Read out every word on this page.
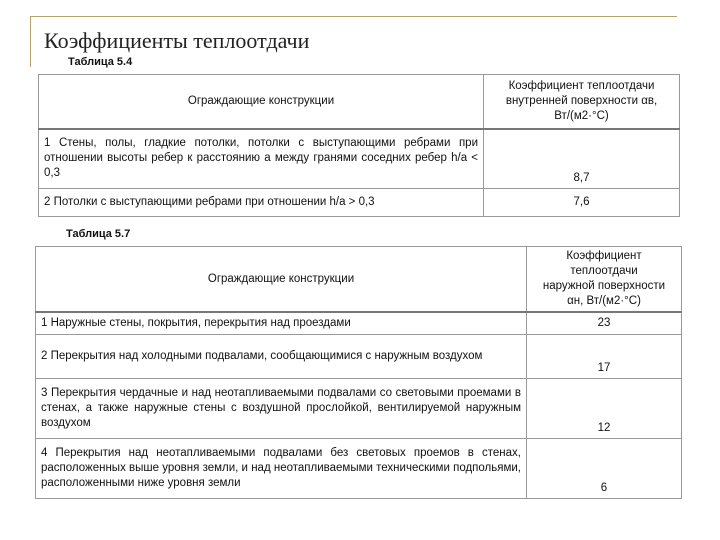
Коэффициенты теплоотдачи
Таблица 5.4
Ограждающие конструкции	Коэффициент теплоотдачи
внутренней поверхности αв,
Вт/(м2·°С)
1 Стены, полы, гладкие потолки, потолки с выступающими ребрами при отношении высоты ребер к расстоянию a между гранями соседних ребер h/a < 0,3	8,7
2 Потолки с выступающими ребрами при отношении h/a > 0,3	7,6
Таблица 5.7
Ограждающие конструкции	Коэффициент теплоотдачи
наружной поверхности
αн, Вт/(м2·°С)
1 Наружные стены, покрытия, перекрытия над проездами	23
2 Перекрытия над холодными подвалами, сообщающимися с наружным воздухом	17
3 Перекрытия чердачные и над неотапливаемыми подвалами со световыми проемами в стенах, а также наружные стены с воздушной прослойкой, вентилируемой наружным воздухом	12
4 Перекрытия над неотапливаемыми подвалами без световых проемов в стенах, расположенных выше уровня земли, и над неотапливаемыми техническими подпольями, расположенными ниже уровня земли	6
